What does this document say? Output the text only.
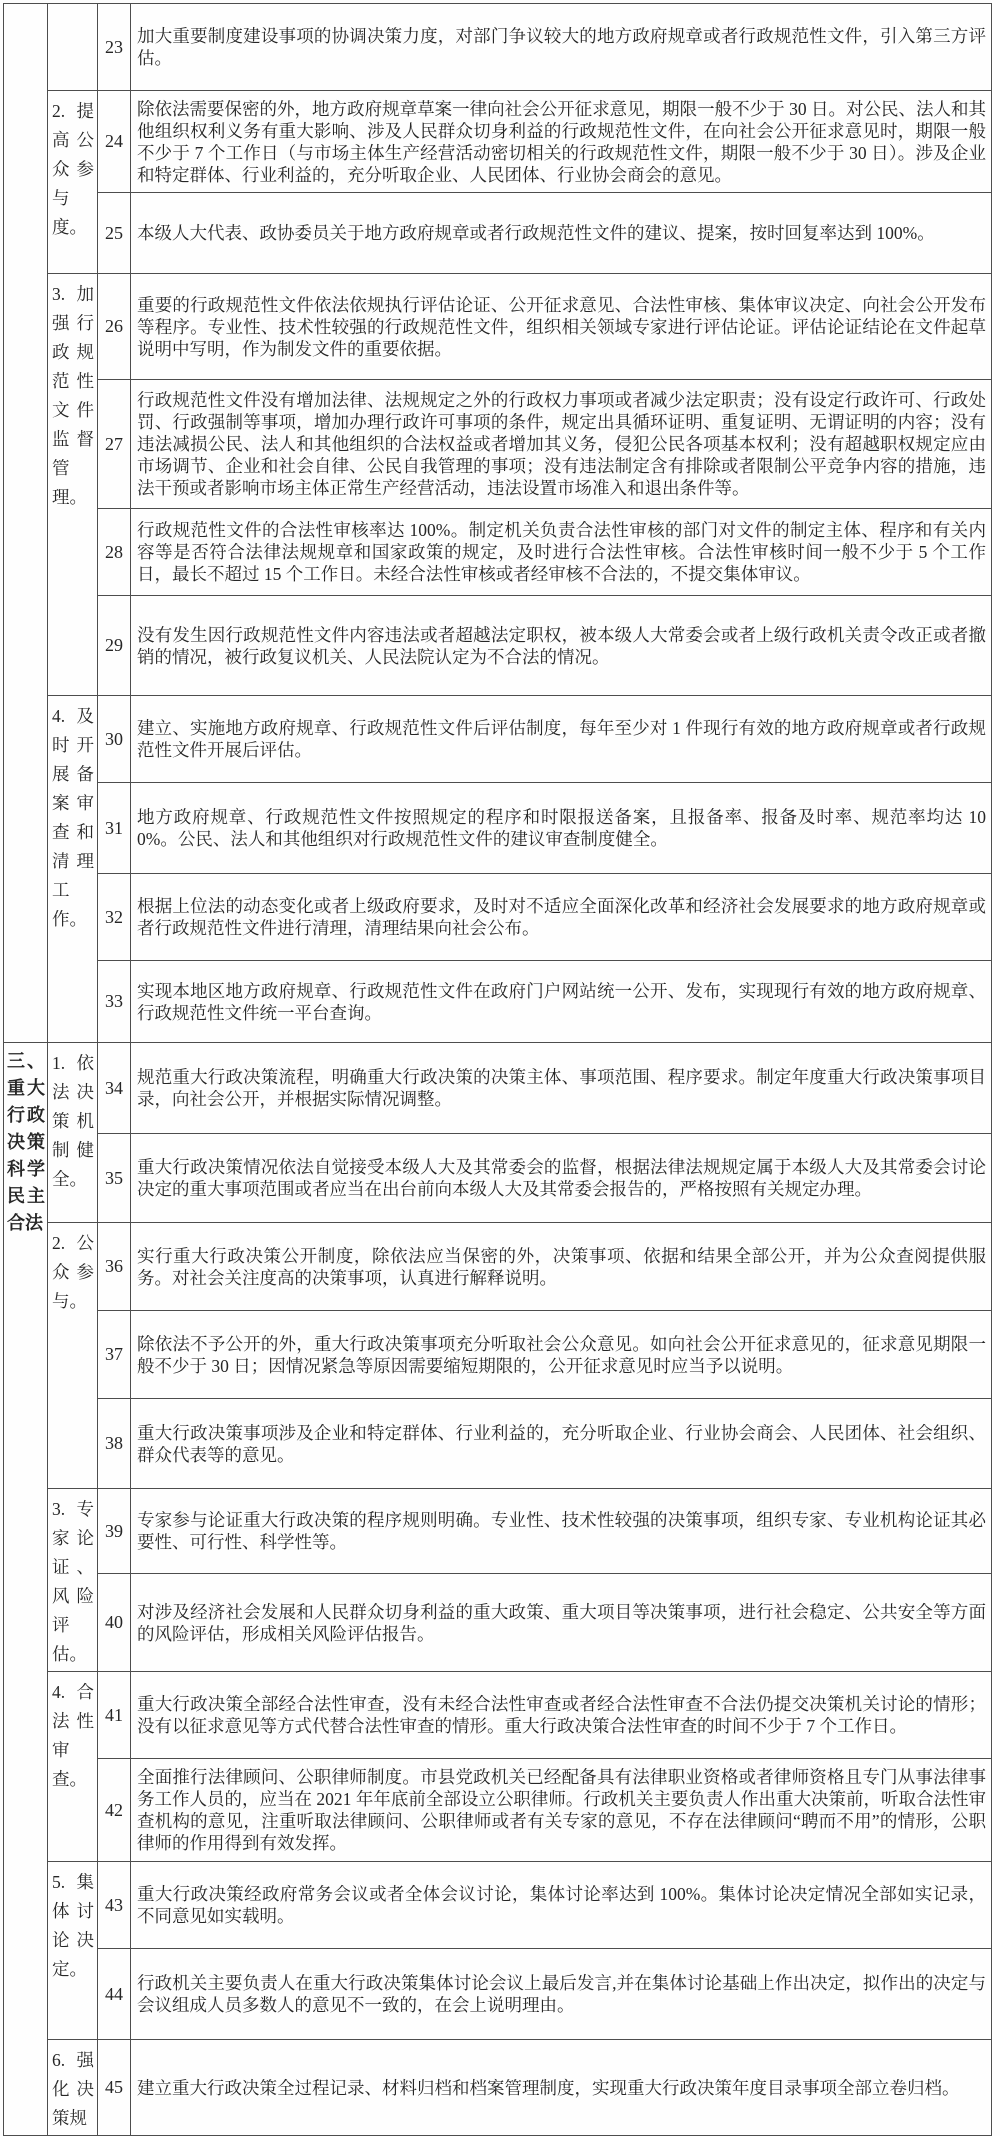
		23	加大重要制度建设事项的协调决策力度，对部门争议较大的地方政府规章或者行政规范性文件，引入第三方评估。
	2. 提高公众参与度。	24	除依法需要保密的外，地方政府规章草案一律向社会公开征求意见，期限一般不少于 30 日。对公民、法人和其他组织权利义务有重大影响、涉及人民群众切身利益的行政规范性文件，在向社会公开征求意见时，期限一般不少于 7 个工作日（与市场主体生产经营活动密切相关的行政规范性文件，期限一般不少于 30 日）。涉及企业和特定群体、行业利益的，充分听取企业、人民团体、行业协会商会的意见。
		25	本级人大代表、政协委员关于地方政府规章或者行政规范性文件的建议、提案，按时回复率达到 100%。
	3. 加强行政规范性文件监督管理。	26	重要的行政规范性文件依法依规执行评估论证、公开征求意见、合法性审核、集体审议决定、向社会公开发布等程序。专业性、技术性较强的行政规范性文件，组织相关领域专家进行评估论证。评估论证结论在文件起草说明中写明，作为制发文件的重要依据。
		27	行政规范性文件没有增加法律、法规规定之外的行政权力事项或者减少法定职责；没有设定行政许可、行政处罚、行政强制等事项，增加办理行政许可事项的条件，规定出具循环证明、重复证明、无谓证明的内容；没有违法减损公民、法人和其他组织的合法权益或者增加其义务，侵犯公民各项基本权利；没有超越职权规定应由市场调节、企业和社会自律、公民自我管理的事项；没有违法制定含有排除或者限制公平竞争内容的措施，违法干预或者影响市场主体正常生产经营活动，违法设置市场准入和退出条件等。
		28	行政规范性文件的合法性审核率达 100%。制定机关负责合法性审核的部门对文件的制定主体、程序和有关内容等是否符合法律法规规章和国家政策的规定，及时进行合法性审核。合法性审核时间一般不少于 5 个工作日，最长不超过 15 个工作日。未经合法性审核或者经审核不合法的，不提交集体审议。
		29	没有发生因行政规范性文件内容违法或者超越法定职权，被本级人大常委会或者上级行政机关责令改正或者撤销的情况，被行政复议机关、人民法院认定为不合法的情况。
	4. 及时开展备案审查和清理工作。	30	建立、实施地方政府规章、行政规范性文件后评估制度，每年至少对 1 件现行有效的地方政府规章或者行政规范性文件开展后评估。
		31	地方政府规章、行政规范性文件按照规定的程序和时限报送备案，且报备率、报备及时率、规范率均达 100%。公民、法人和其他组织对行政规范性文件的建议审查制度健全。
		32	根据上位法的动态变化或者上级政府要求，及时对不适应全面深化改革和经济社会发展要求的地方政府规章或者行政规范性文件进行清理，清理结果向社会公布。
		33	实现本地区地方政府规章、行政规范性文件在政府门户网站统一公开、发布，实现现行有效的地方政府规章、行政规范性文件统一平台查询。
三、重大行政决策科学民主合法	1. 依法决策机制健全。	34	规范重大行政决策流程，明确重大行政决策的决策主体、事项范围、程序要求。制定年度重大行政决策事项目录，向社会公开，并根据实际情况调整。
		35	重大行政决策情况依法自觉接受本级人大及其常委会的监督，根据法律法规规定属于本级人大及其常委会讨论决定的重大事项范围或者应当在出台前向本级人大及其常委会报告的，严格按照有关规定办理。
	2. 公众参与。	36	实行重大行政决策公开制度，除依法应当保密的外，决策事项、依据和结果全部公开，并为公众查阅提供服务。对社会关注度高的决策事项，认真进行解释说明。
		37	除依法不予公开的外，重大行政决策事项充分听取社会公众意见。如向社会公开征求意见的，征求意见期限一般不少于 30 日；因情况紧急等原因需要缩短期限的，公开征求意见时应当予以说明。
		38	重大行政决策事项涉及企业和特定群体、行业利益的，充分听取企业、行业协会商会、人民团体、社会组织、群众代表等的意见。
	3. 专家论证、风险评估。	39	专家参与论证重大行政决策的程序规则明确。专业性、技术性较强的决策事项，组织专家、专业机构论证其必要性、可行性、科学性等。
		40	对涉及经济社会发展和人民群众切身利益的重大政策、重大项目等决策事项，进行社会稳定、公共安全等方面的风险评估，形成相关风险评估报告。
	4. 合法性审查。	41	重大行政决策全部经合法性审查，没有未经合法性审查或者经合法性审查不合法仍提交决策机关讨论的情形；没有以征求意见等方式代替合法性审查的情形。重大行政决策合法性审查的时间不少于 7 个工作日。
		42	全面推行法律顾问、公职律师制度。市县党政机关已经配备具有法律职业资格或者律师资格且专门从事法律事务工作人员的，应当在 2021 年年底前全部设立公职律师。行政机关主要负责人作出重大决策前，听取合法性审查机构的意见，注重听取法律顾问、公职律师或者有关专家的意见，不存在法律顾问“聘而不用”的情形，公职律师的作用得到有效发挥。
	5. 集体讨论决定。	43	重大行政决策经政府常务会议或者全体会议讨论，集体讨论率达到 100%。集体讨论决定情况全部如实记录，不同意见如实载明。
		44	行政机关主要负责人在重大行政决策集体讨论会议上最后发言,并在集体讨论基础上作出决定，拟作出的决定与会议组成人员多数人的意见不一致的，在会上说明理由。
	6. 强化决策规	45	建立重大行政决策全过程记录、材料归档和档案管理制度，实现重大行政决策年度目录事项全部立卷归档。
